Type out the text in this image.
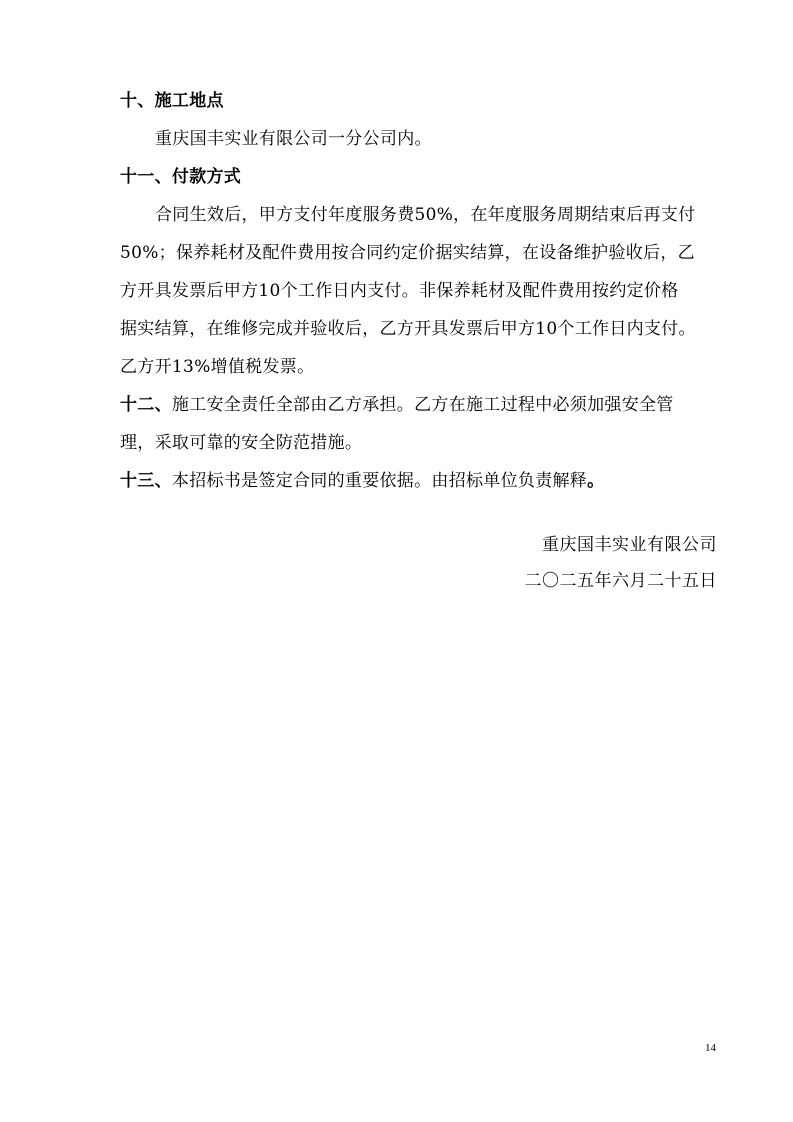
十、施工地点
重庆国丰实业有限公司一分公司内。
十一、付款方式
合同生效后，甲方支付年度服务费50%，在年度服务周期结束后再支付
50%；保养耗材及配件费用按合同约定价据实结算，在设备维护验收后，乙
方开具发票后甲方10个工作日内支付。非保养耗材及配件费用按约定价格
据实结算，在维修完成并验收后，乙方开具发票后甲方10个工作日内支付。
乙方开13%增值税发票。
十二、施工安全责任全部由乙方承担。乙方在施工过程中必须加强安全管
理，采取可靠的安全防范措施。
十三、本招标书是签定合同的重要依据。由招标单位负责解释。
重庆国丰实业有限公司
二〇二五年六月二十五日
14
